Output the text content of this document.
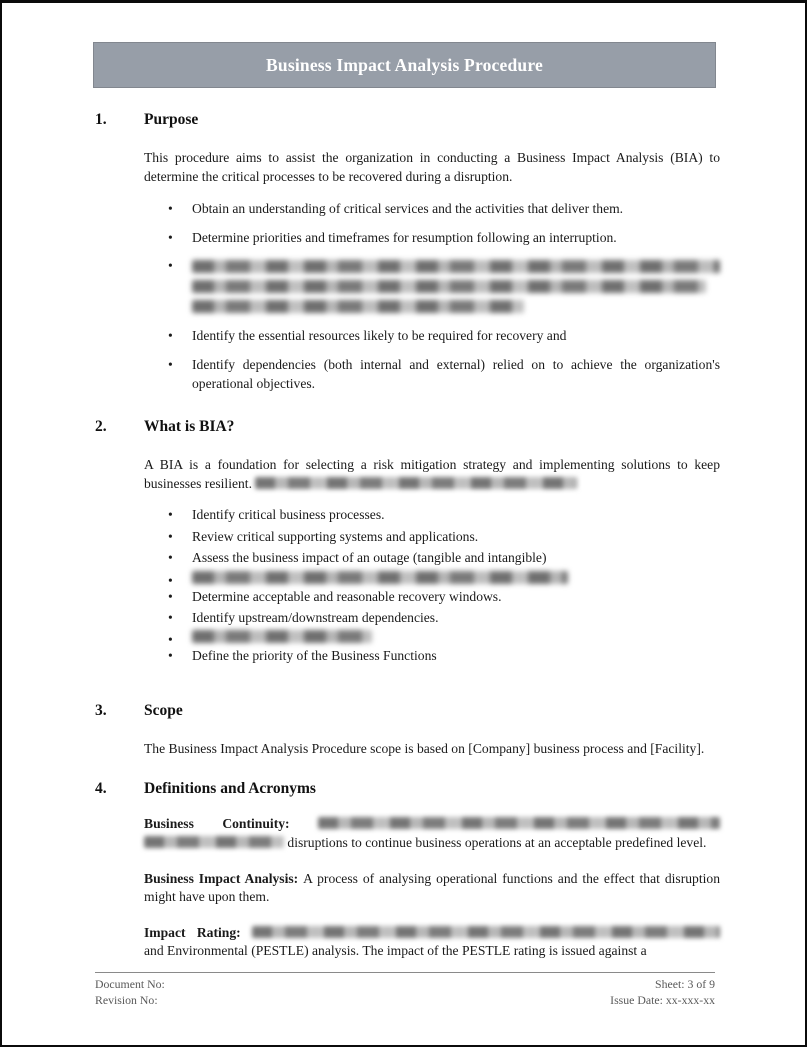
Business Impact Analysis Procedure
1.	Purpose

This procedure aims to assist the organization in conducting a Business Impact Analysis (BIA) to determine the critical processes to be recovered during a disruption.

• Obtain an understanding of critical services and the activities that deliver them.
• Determine priorities and timeframes for resumption following an interruption.
•
• Identify the essential resources likely to be required for recovery and
• Identify dependencies (both internal and external) relied on to achieve the organization's operational objectives.
2.	What is BIA?

A BIA is a foundation for selecting a risk mitigation strategy and implementing solutions to keep businesses resilient.

• Identify critical business processes.
• Review critical supporting systems and applications.
• Assess the business impact of an outage (tangible and intangible)
•
• Determine acceptable and reasonable recovery windows.
• Identify upstream/downstream dependencies.
•
• Define the priority of the Business Functions
3.	Scope

The Business Impact Analysis Procedure scope is based on [Company] business process and [Facility].

4.	Definitions and Acronyms

Business Continuity:   disruptions to continue business operations at an acceptable predefined level.

Business Impact Analysis: A process of analysing operational functions and the effect that disruption might have upon them.

Impact Rating:  and Environmental (PESTLE) analysis. The impact of the PESTLE rating is issued against a

Document No:
Revision No:
Sheet: 3 of 9
Issue Date: xx-xxx-xx
